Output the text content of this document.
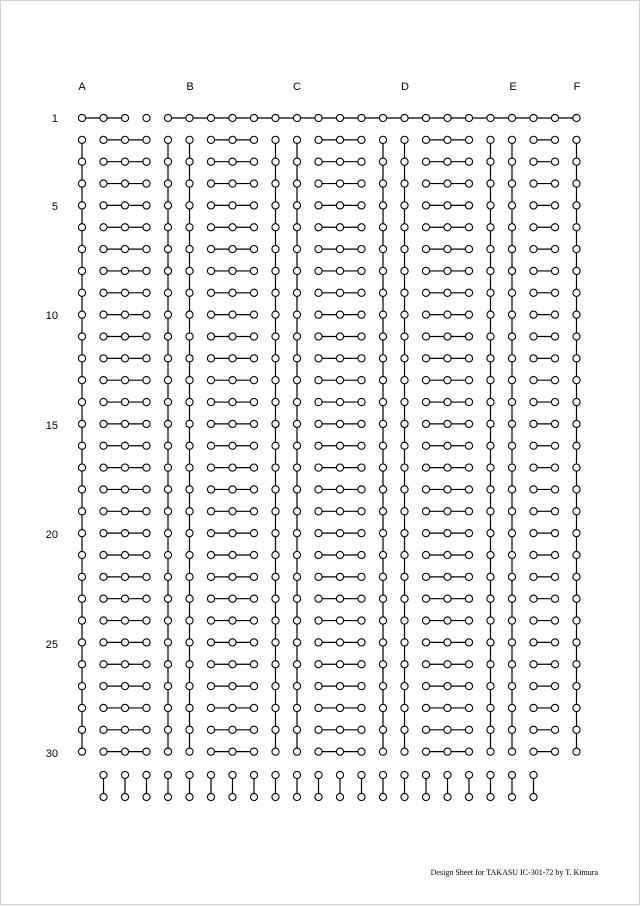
A	B	C	D	E	F
1
5
10
15
20
25
30
Design Sheet for TAKASU IC-301-72 by T. Kimura
